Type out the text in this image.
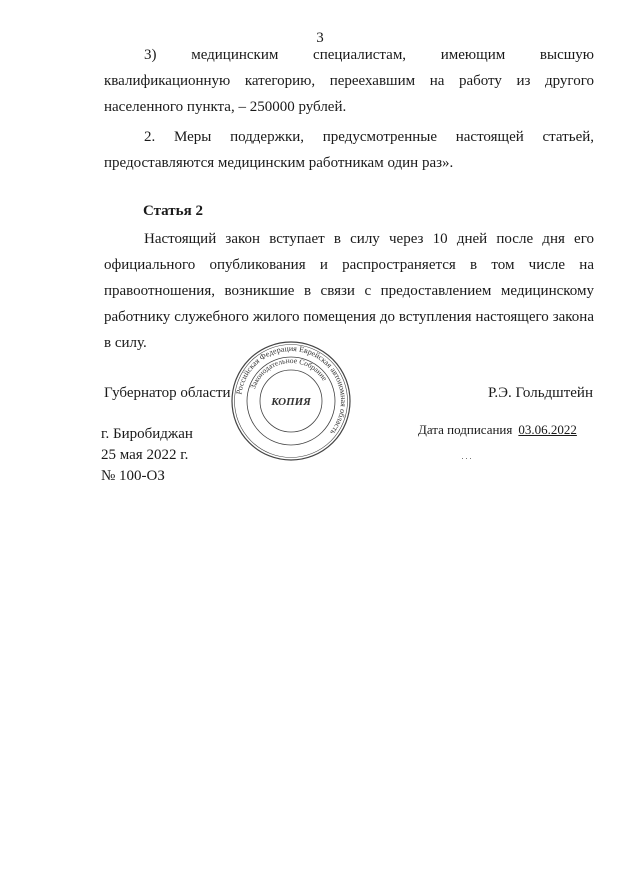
3

3) медицинским специалистам, имеющим высшую квалификационную категорию, переехавшим на работу из другого населенного пункта, – 250000 рублей.

2. Меры поддержки, предусмотренные настоящей статьей, предоставляются медицинским работникам один раз».

Статья 2

Настоящий закон вступает в силу через 10 дней после дня его официального опубликования и распространяется в том числе на правоотношения, возникшие в связи с предоставлением медицинскому работнику служебного жилого помещения до вступления настоящего закона в силу.

Губернатор области	Р.Э. Гольдштейн
Российская Федерация Еврейская автономная область
Законодательное Собрание
КОПИЯ
г. Биробиджан
25 мая 2022 г.
№ 100-ОЗ
Дата подписания 03.06.2022
